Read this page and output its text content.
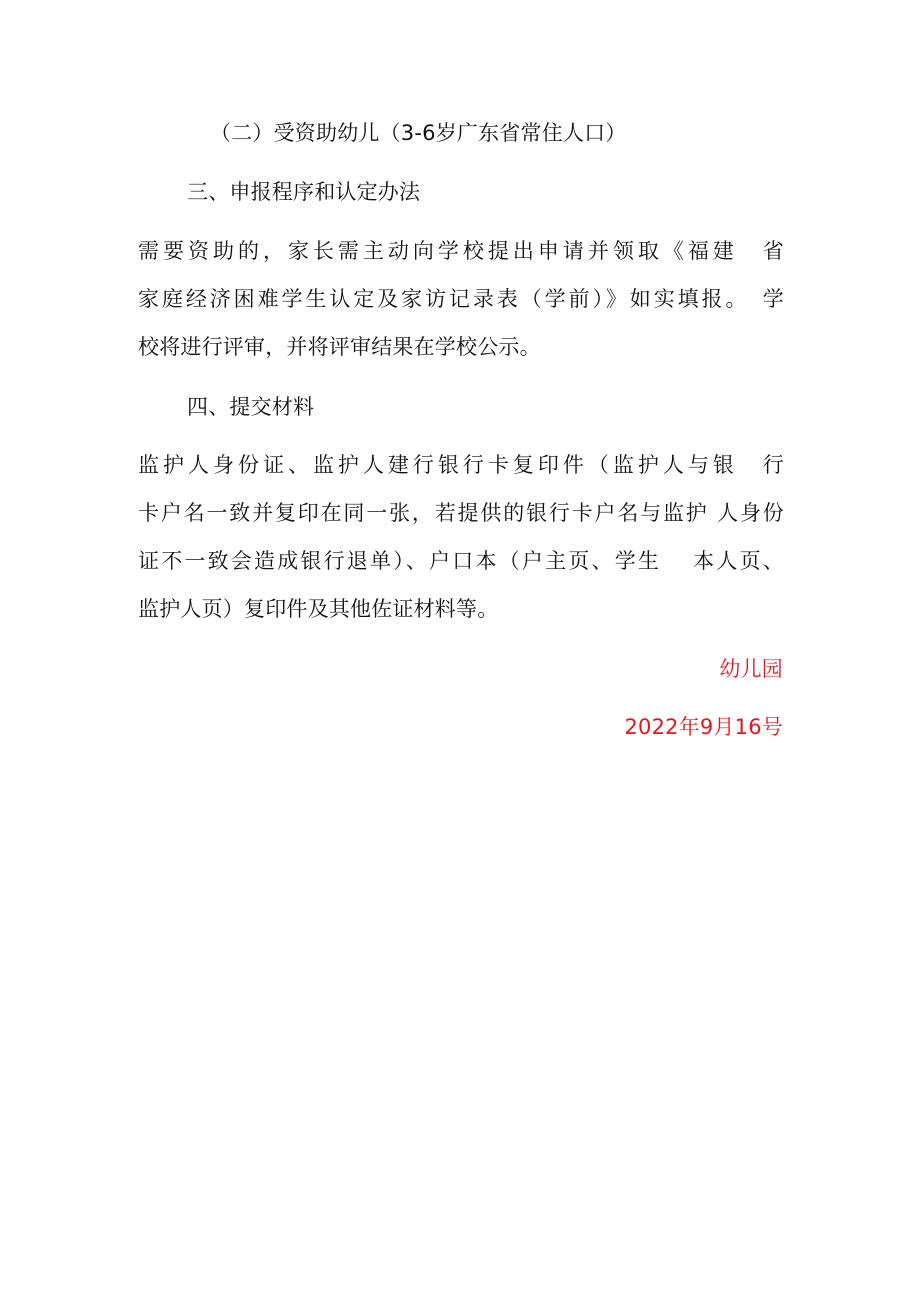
（二）受资助幼儿（3-6岁广东省常住人口）
三、申报程序和认定办法
需要资助的，家长需主动向学校提出申请并领取《福建　省
家庭经济困难学生认定及家访记录表（学前）》如实填报。　学
校将进行评审，并将评审结果在学校公示。
四、提交材料
监护人身份证、监护人建行银行卡复印件（监护人与银　行
卡户名一致并复印在同一张，若提供的银行卡户名与监护 人身份
证不一致会造成银行退单）、户口本（户主页、学生　 本人页、
监护人页）复印件及其他佐证材料等。
幼儿园
2022年9月16号
